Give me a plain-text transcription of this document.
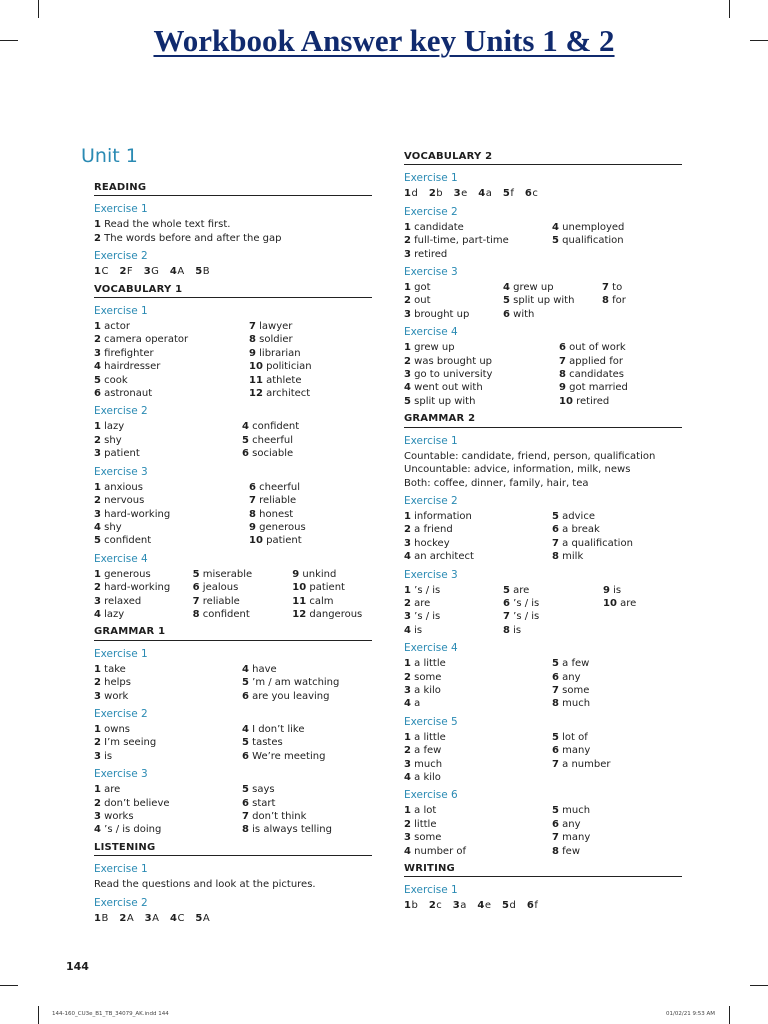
Workbook Answer key Units 1 & 2
Unit 1
READING
Exercise 1
1 Read the whole text first.
2 The words before and after the gap
Exercise 2
1C  2F  3G  4A  5B
VOCABULARY 1
Exercise 1
1 actor	7 lawyer
2 camera operator	8 soldier
3 firefighter	9 librarian
4 hairdresser	10 politician
5 cook	11 athlete
6 astronaut	12 architect
Exercise 2
1 lazy	4 confident
2 shy	5 cheerful
3 patient	6 sociable
Exercise 3
1 anxious	6 cheerful
2 nervous	7 reliable
3 hard-working	8 honest
4 shy	9 generous
5 confident	10 patient
Exercise 4
1 generous	5 miserable	9 unkind
2 hard-working	6 jealous	10 patient
3 relaxed	7 reliable	11 calm
4 lazy	8 confident	12 dangerous
GRAMMAR 1
Exercise 1
1 take	4 have
2 helps	5 ’m / am watching
3 work	6 are you leaving
Exercise 2
1 owns	4 I don’t like
2 I’m seeing	5 tastes
3 is	6 We’re meeting
Exercise 3
1 are	5 says
2 don’t believe	6 start
3 works	7 don’t think
4 ’s / is doing	8 is always telling
LISTENING
Exercise 1
Read the questions and look at the pictures.
Exercise 2
1B  2A  3A  4C  5A
VOCABULARY 2
Exercise 1
1d  2b  3e  4a  5f  6c
Exercise 2
1 candidate	4 unemployed
2 full-time, part-time	5 qualification
3 retired
Exercise 3
1 got	4 grew up	7 to
2 out	5 split up with	8 for
3 brought up	6 with
Exercise 4
1 grew up	6 out of work
2 was brought up	7 applied for
3 go to university	8 candidates
4 went out with	9 got married
5 split up with	10 retired
GRAMMAR 2
Exercise 1
Countable: candidate, friend, person, qualification
Uncountable: advice, information, milk, news
Both: coffee, dinner, family, hair, tea
Exercise 2
1 information	5 advice
2 a friend	6 a break
3 hockey	7 a qualification
4 an architect	8 milk
Exercise 3
1 ’s / is	5 are	9 is
2 are	6 ’s / is	10 are
3 ’s / is	7 ’s / is
4 is	8 is
Exercise 4
1 a little	5 a few
2 some	6 any
3 a kilo	7 some
4 a	8 much
Exercise 5
1 a little	5 lot of
2 a few	6 many
3 much	7 a number
4 a kilo
Exercise 6
1 a lot	5 much
2 little	6 any
3 some	7 many
4 number of	8 few
WRITING
Exercise 1
1b  2c  3a  4e  5d  6f
144
144-160_CU3e_B1_TB_34079_AK.indd 144	01/02/21 9:53 AM
